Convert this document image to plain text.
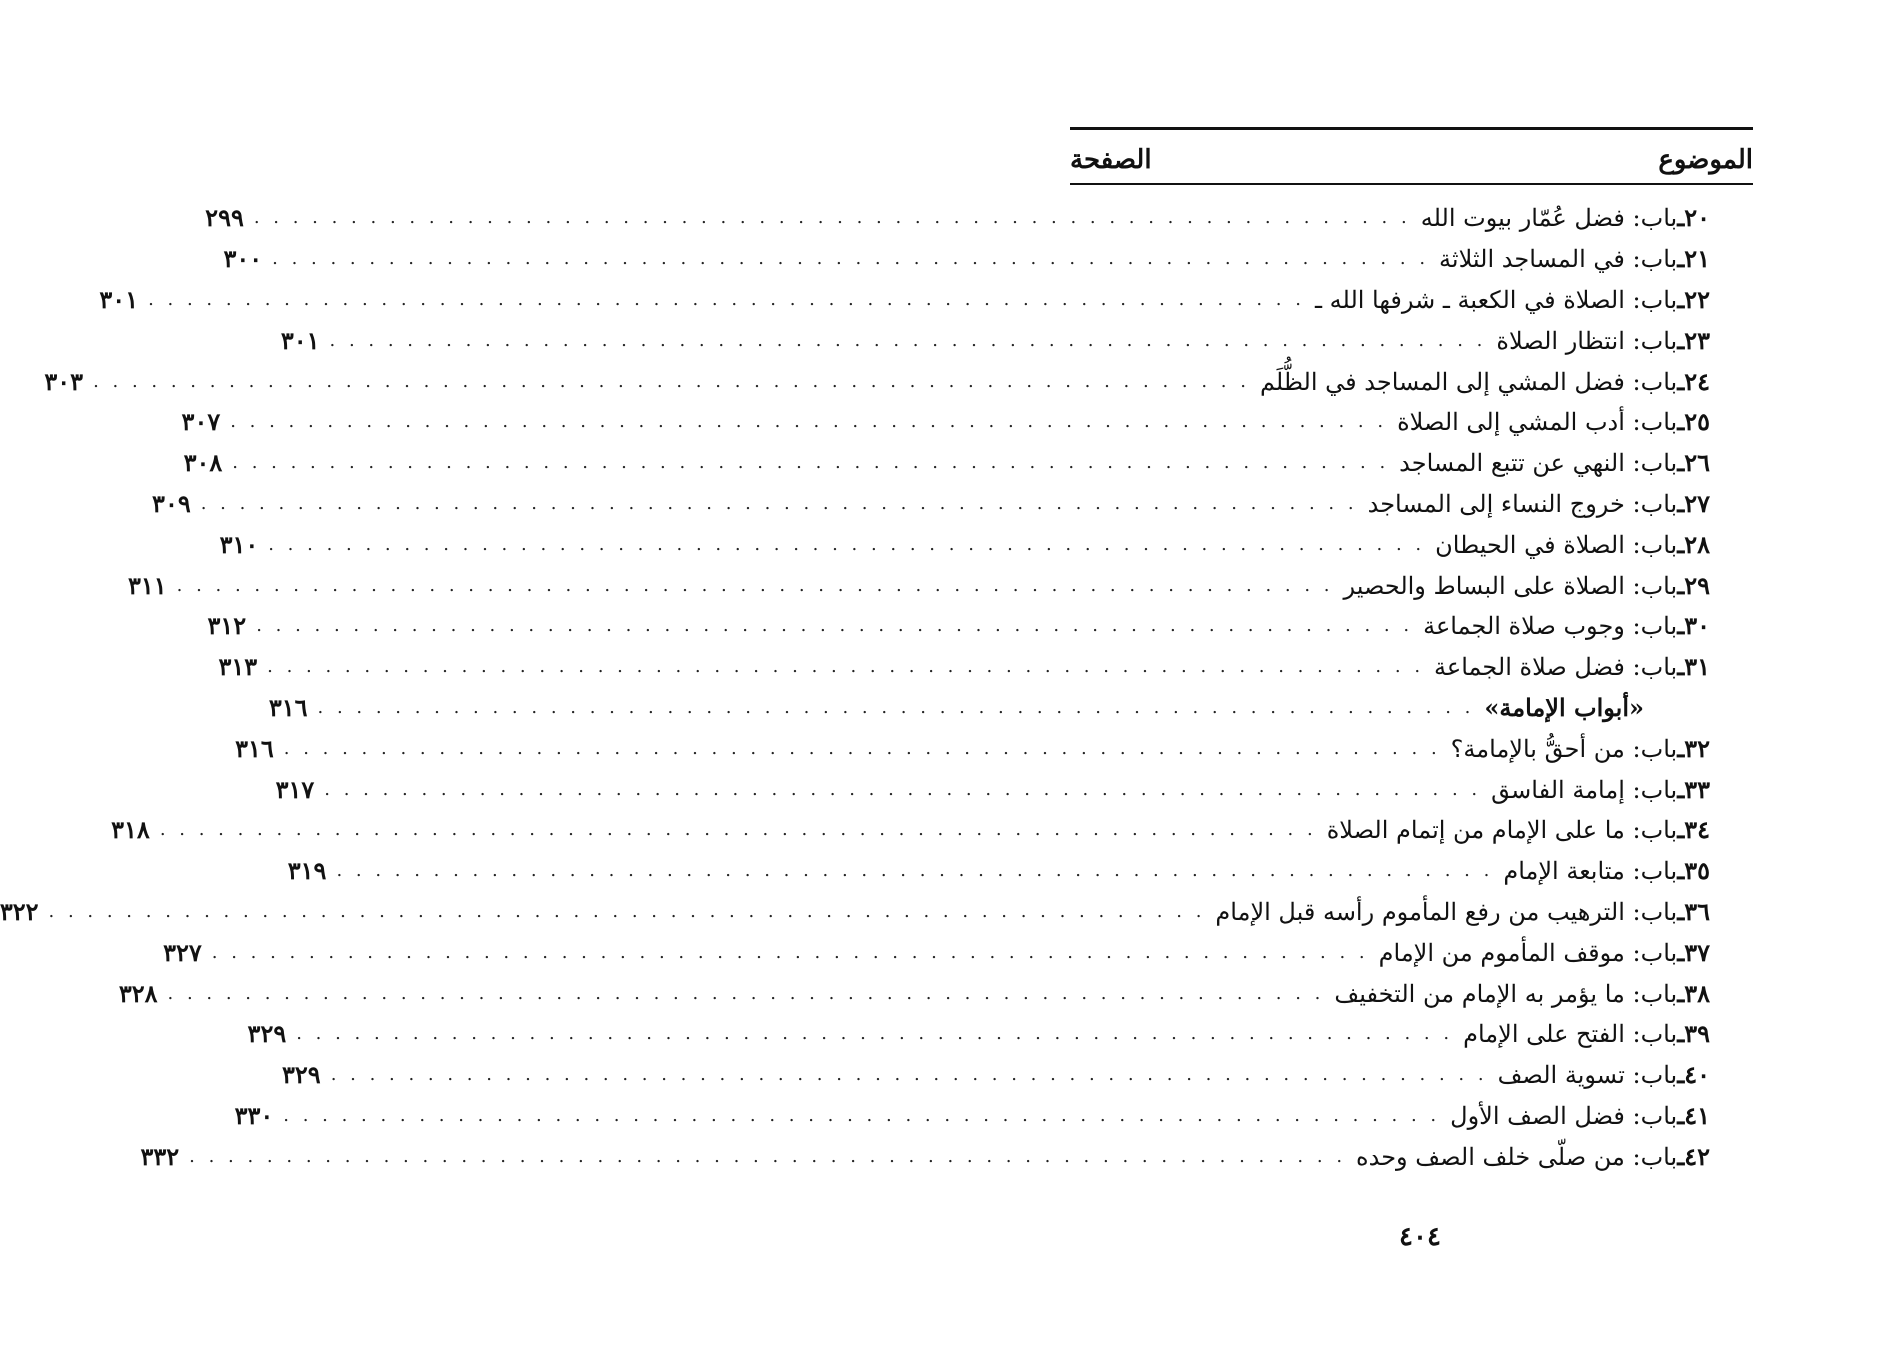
الموضوع
الصفحة
٢٠
ـ
باب: فضل عُمّار بيوت الله
. . . . . . . . . . . . . . . . . . . . . . . . . . . . . . . . . . . . . . . . . . . . . . . . . . . . . . . . . . . .
٢٩٩
٢١
ـ
باب: في المساجد الثلاثة
. . . . . . . . . . . . . . . . . . . . . . . . . . . . . . . . . . . . . . . . . . . . . . . . . . . . . . . . . . . .
٣٠٠
٢٢
ـ
باب: الصلاة في الكعبة ـ شرفها الله ـ
. . . . . . . . . . . . . . . . . . . . . . . . . . . . . . . . . . . . . . . . . . . . . . . . . . . . . . . . . . . .
٣٠١
٢٣
ـ
باب: انتظار الصلاة
. . . . . . . . . . . . . . . . . . . . . . . . . . . . . . . . . . . . . . . . . . . . . . . . . . . . . . . . . . . .
٣٠١
٢٤
ـ
باب: فضل المشي إلى المساجد في الظُّلَم
. . . . . . . . . . . . . . . . . . . . . . . . . . . . . . . . . . . . . . . . . . . . . . . . . . . . . . . . . . . .
٣٠٣
٢٥
ـ
باب: أدب المشي إلى الصلاة
. . . . . . . . . . . . . . . . . . . . . . . . . . . . . . . . . . . . . . . . . . . . . . . . . . . . . . . . . . . .
٣٠٧
٢٦
ـ
باب: النهي عن تتبع المساجد
. . . . . . . . . . . . . . . . . . . . . . . . . . . . . . . . . . . . . . . . . . . . . . . . . . . . . . . . . . . .
٣٠٨
٢٧
ـ
باب: خروج النساء إلى المساجد
. . . . . . . . . . . . . . . . . . . . . . . . . . . . . . . . . . . . . . . . . . . . . . . . . . . . . . . . . . . .
٣٠٩
٢٨
ـ
باب: الصلاة في الحيطان
. . . . . . . . . . . . . . . . . . . . . . . . . . . . . . . . . . . . . . . . . . . . . . . . . . . . . . . . . . . .
٣١٠
٢٩
ـ
باب: الصلاة على البساط والحصير
. . . . . . . . . . . . . . . . . . . . . . . . . . . . . . . . . . . . . . . . . . . . . . . . . . . . . . . . . . . .
٣١١
٣٠
ـ
باب: وجوب صلاة الجماعة
. . . . . . . . . . . . . . . . . . . . . . . . . . . . . . . . . . . . . . . . . . . . . . . . . . . . . . . . . . . .
٣١٢
٣١
ـ
باب: فضل صلاة الجماعة
. . . . . . . . . . . . . . . . . . . . . . . . . . . . . . . . . . . . . . . . . . . . . . . . . . . . . . . . . . . .
٣١٣
«أبواب الإمامة»
. . . . . . . . . . . . . . . . . . . . . . . . . . . . . . . . . . . . . . . . . . . . . . . . . . . . . . . . . . . .
٣١٦
٣٢
ـ
باب: من أحقُّ بالإمامة؟
. . . . . . . . . . . . . . . . . . . . . . . . . . . . . . . . . . . . . . . . . . . . . . . . . . . . . . . . . . . .
٣١٦
٣٣
ـ
باب: إمامة الفاسق
. . . . . . . . . . . . . . . . . . . . . . . . . . . . . . . . . . . . . . . . . . . . . . . . . . . . . . . . . . . .
٣١٧
٣٤
ـ
باب: ما على الإمام من إتمام الصلاة
. . . . . . . . . . . . . . . . . . . . . . . . . . . . . . . . . . . . . . . . . . . . . . . . . . . . . . . . . . . .
٣١٨
٣٥
ـ
باب: متابعة الإمام
. . . . . . . . . . . . . . . . . . . . . . . . . . . . . . . . . . . . . . . . . . . . . . . . . . . . . . . . . . . .
٣١٩
٣٦
ـ
باب: الترهيب من رفع المأموم رأسه قبل الإمام
. . . . . . . . . . . . . . . . . . . . . . . . . . . . . . . . . . . . . . . . . . . . . . . . . . . . . . . . . . . .
٣٢٢
٣٧
ـ
باب: موقف المأموم من الإمام
. . . . . . . . . . . . . . . . . . . . . . . . . . . . . . . . . . . . . . . . . . . . . . . . . . . . . . . . . . . .
٣٢٧
٣٨
ـ
باب: ما يؤمر به الإمام من التخفيف
. . . . . . . . . . . . . . . . . . . . . . . . . . . . . . . . . . . . . . . . . . . . . . . . . . . . . . . . . . . .
٣٢٨
٣٩
ـ
باب: الفتح على الإمام
. . . . . . . . . . . . . . . . . . . . . . . . . . . . . . . . . . . . . . . . . . . . . . . . . . . . . . . . . . . .
٣٢٩
٤٠
ـ
باب: تسوية الصف
. . . . . . . . . . . . . . . . . . . . . . . . . . . . . . . . . . . . . . . . . . . . . . . . . . . . . . . . . . . .
٣٢٩
٤١
ـ
باب: فضل الصف الأول
. . . . . . . . . . . . . . . . . . . . . . . . . . . . . . . . . . . . . . . . . . . . . . . . . . . . . . . . . . . .
٣٣٠
٤٢
ـ
باب: من صلّى خلف الصف وحده
. . . . . . . . . . . . . . . . . . . . . . . . . . . . . . . . . . . . . . . . . . . . . . . . . . . . . . . . . . . .
٣٣٢
٤٠٤
